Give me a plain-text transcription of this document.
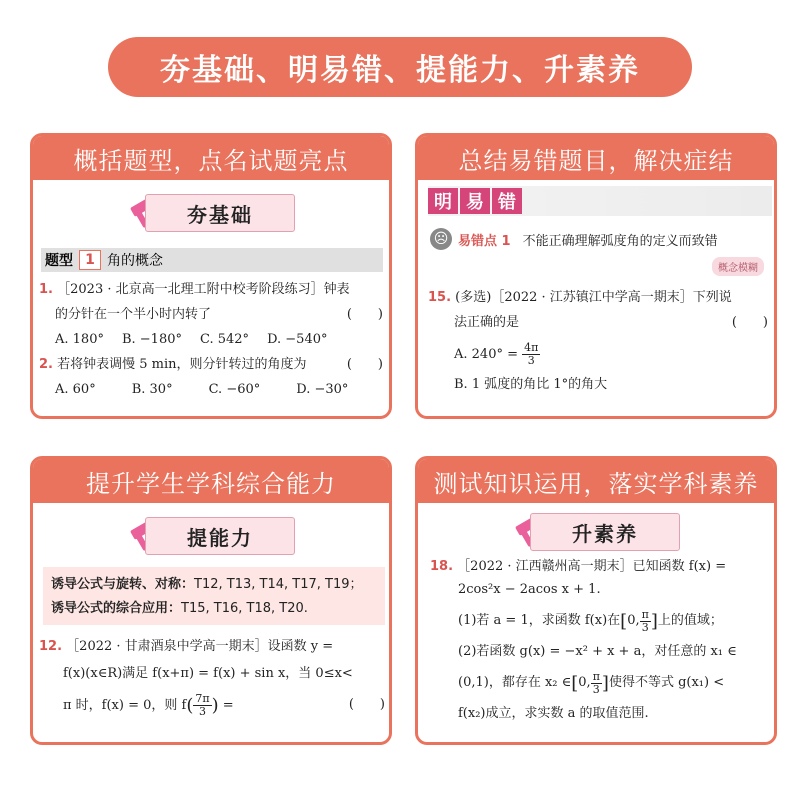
夯基础、明易错、提能力、升素养
概括题型，点名试题亮点
夯基础
题型 1 角的概念
1. ［2023 · 北京高一北理工附中校考阶段练习］钟表
的分针在一个半小时内转了	(　　)
A. 180° B. −180° C. 542° D. −540°
2. 若将钟表调慢 5 min，则分针转过的角度为	(　　)
A. 60°	B. 30°	C. −60°	D. −30°
总结易错题目，解决症结
明 易 错
☹ 易错点 1 不能正确理解弧度角的定义而致错
概念模糊
15. (多选)［2022 · 江苏镇江中学高一期末］下列说
法正确的是	(　　)
A. $240^\circ = \frac{4\pi}{3}$
B. 1 弧度的角比 1°的角大
提升学生学科综合能力
提能力
诱导公式与旋转、对称：T12, T13, T14, T17, T19；
诱导公式的综合应用：T15, T16, T18, T20.
12. ［2022 · 甘肃酒泉中学高一期末］设函数 y =
f(x)(x∈R)满足 f(x+π) = f(x) + sin x，当 0≤x<
π 时，f(x) = 0，则 $f( \frac{7\pi}{3}$ ) =	(　　)
测试知识运用，落实学科素养
升素养
18. ［2022 · 江西赣州高一期末］已知函数 f(x) =
2cos²x − 2acos x + 1.
(1)若 a = 1，求函数 f(x)在 [ 0, $\frac{\pi}{3}$ ] 上的值域；
(2)若函数 g(x) = −x² + x + a，对任意的 x₁ ∈
(0,1)，都存在 x₂ ∈ [ 0, $\frac{\pi}{3}$ ] 使得不等式 g(x₁) <
f(x₂)成立，求实数 a 的取值范围.
